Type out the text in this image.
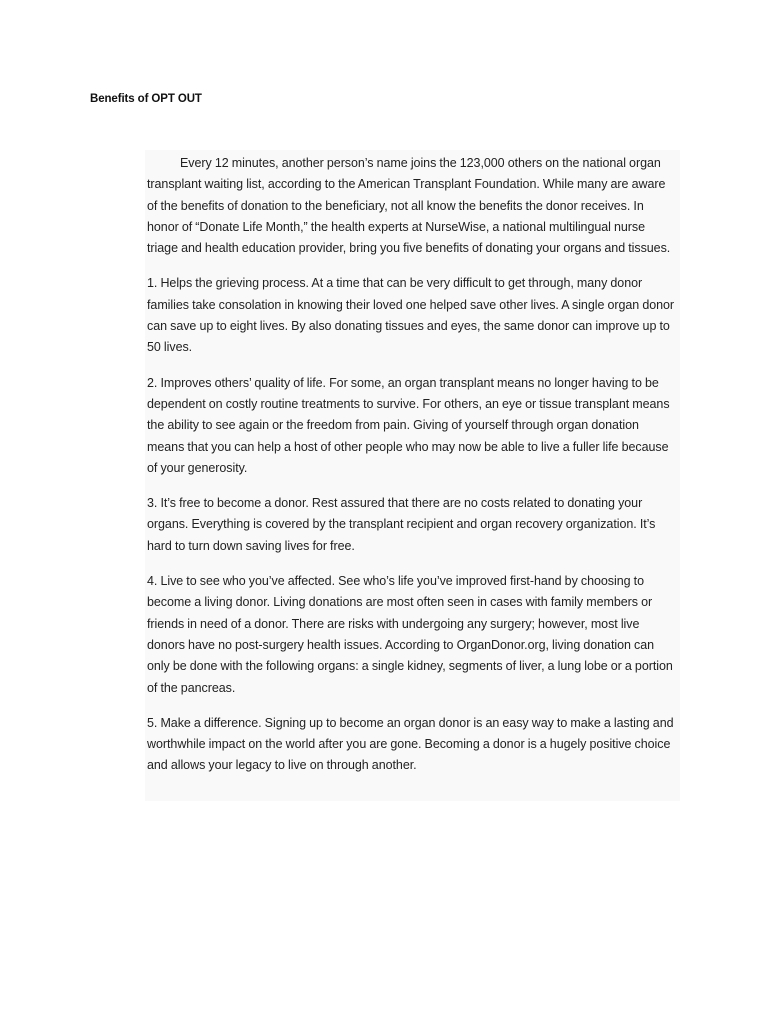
Benefits of OPT OUT

Every 12 minutes, another person’s name joins the 123,000 others on the national organ transplant waiting list, according to the American Transplant Foundation. While many are aware of the benefits of donation to the beneficiary, not all know the benefits the donor receives. In honor of “Donate Life Month,” the health experts at NurseWise, a national multilingual nurse triage and health education provider, bring you five benefits of donating your organs and tissues.

1. Helps the grieving process. At a time that can be very difficult to get through, many donor families take consolation in knowing their loved one helped save other lives. A single organ donor can save up to eight lives. By also donating tissues and eyes, the same donor can improve up to 50 lives.

2. Improves others’ quality of life. For some, an organ transplant means no longer having to be dependent on costly routine treatments to survive. For others, an eye or tissue transplant means the ability to see again or the freedom from pain. Giving of yourself through organ donation means that you can help a host of other people who may now be able to live a fuller life because of your generosity.

3. It’s free to become a donor. Rest assured that there are no costs related to donating your organs. Everything is covered by the transplant recipient and organ recovery organization. It’s hard to turn down saving lives for free.

4. Live to see who you’ve affected. See who’s life you’ve improved first-hand by choosing to become a living donor. Living donations are most often seen in cases with family members or friends in need of a donor. There are risks with undergoing any surgery; however, most live donors have no post-surgery health issues. According to OrganDonor.org, living donation can only be done with the following organs: a single kidney, segments of liver, a lung lobe or a portion of the pancreas.

5. Make a difference. Signing up to become an organ donor is an easy way to make a lasting and worthwhile impact on the world after you are gone. Becoming a donor is a hugely positive choice and allows your legacy to live on through another.
